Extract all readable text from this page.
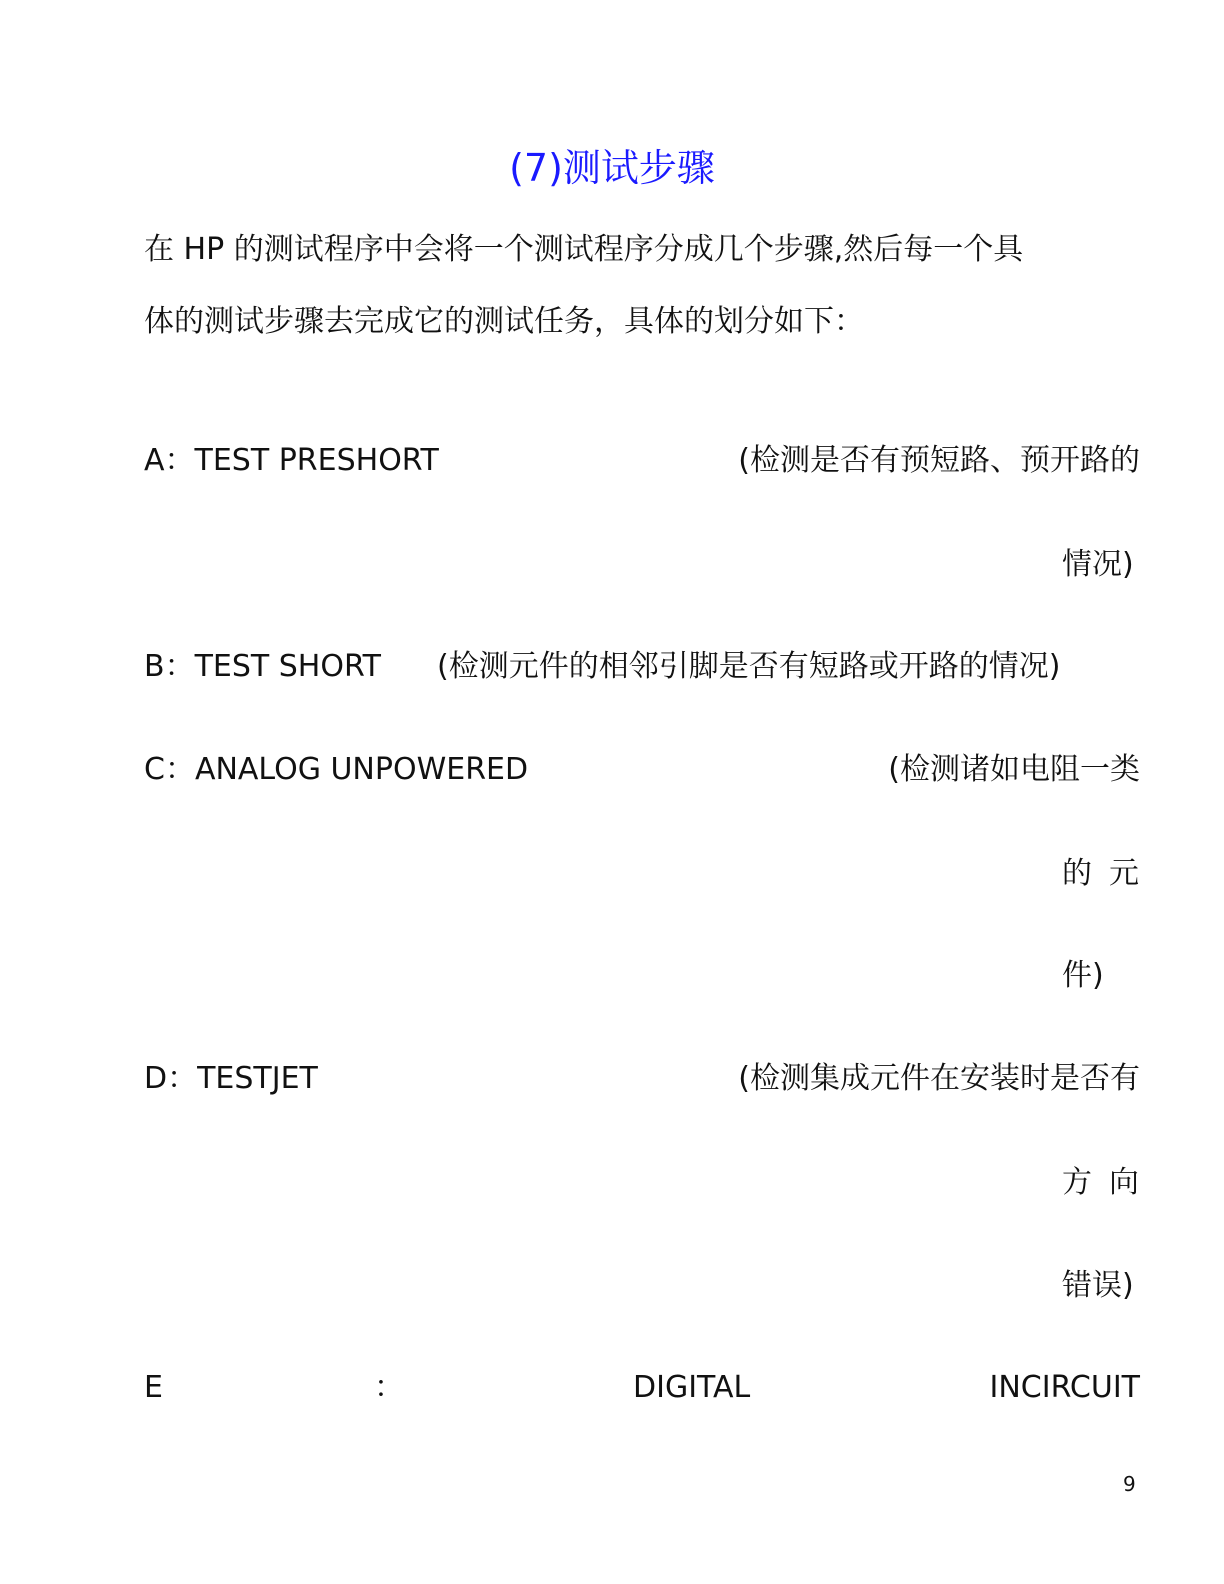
(7)测试步骤
在 HP 的测试程序中会将一个测试程序分成几个步骤,然后每一个具
体的测试步骤去完成它的测试任务，具体的划分如下：
A：TEST PRESHORT	(检测是否有预短路、预开路的
情况)
B：TEST SHORT (检测元件的相邻引脚是否有短路或开路的情况)
C：ANALOG UNPOWERED	(检测诸如电阻一类
的 元
件)
D：TESTJET	(检测集成元件在安装时是否有
方 向
错误)
E	：	DIGITAL	INCIRCUIT
9
